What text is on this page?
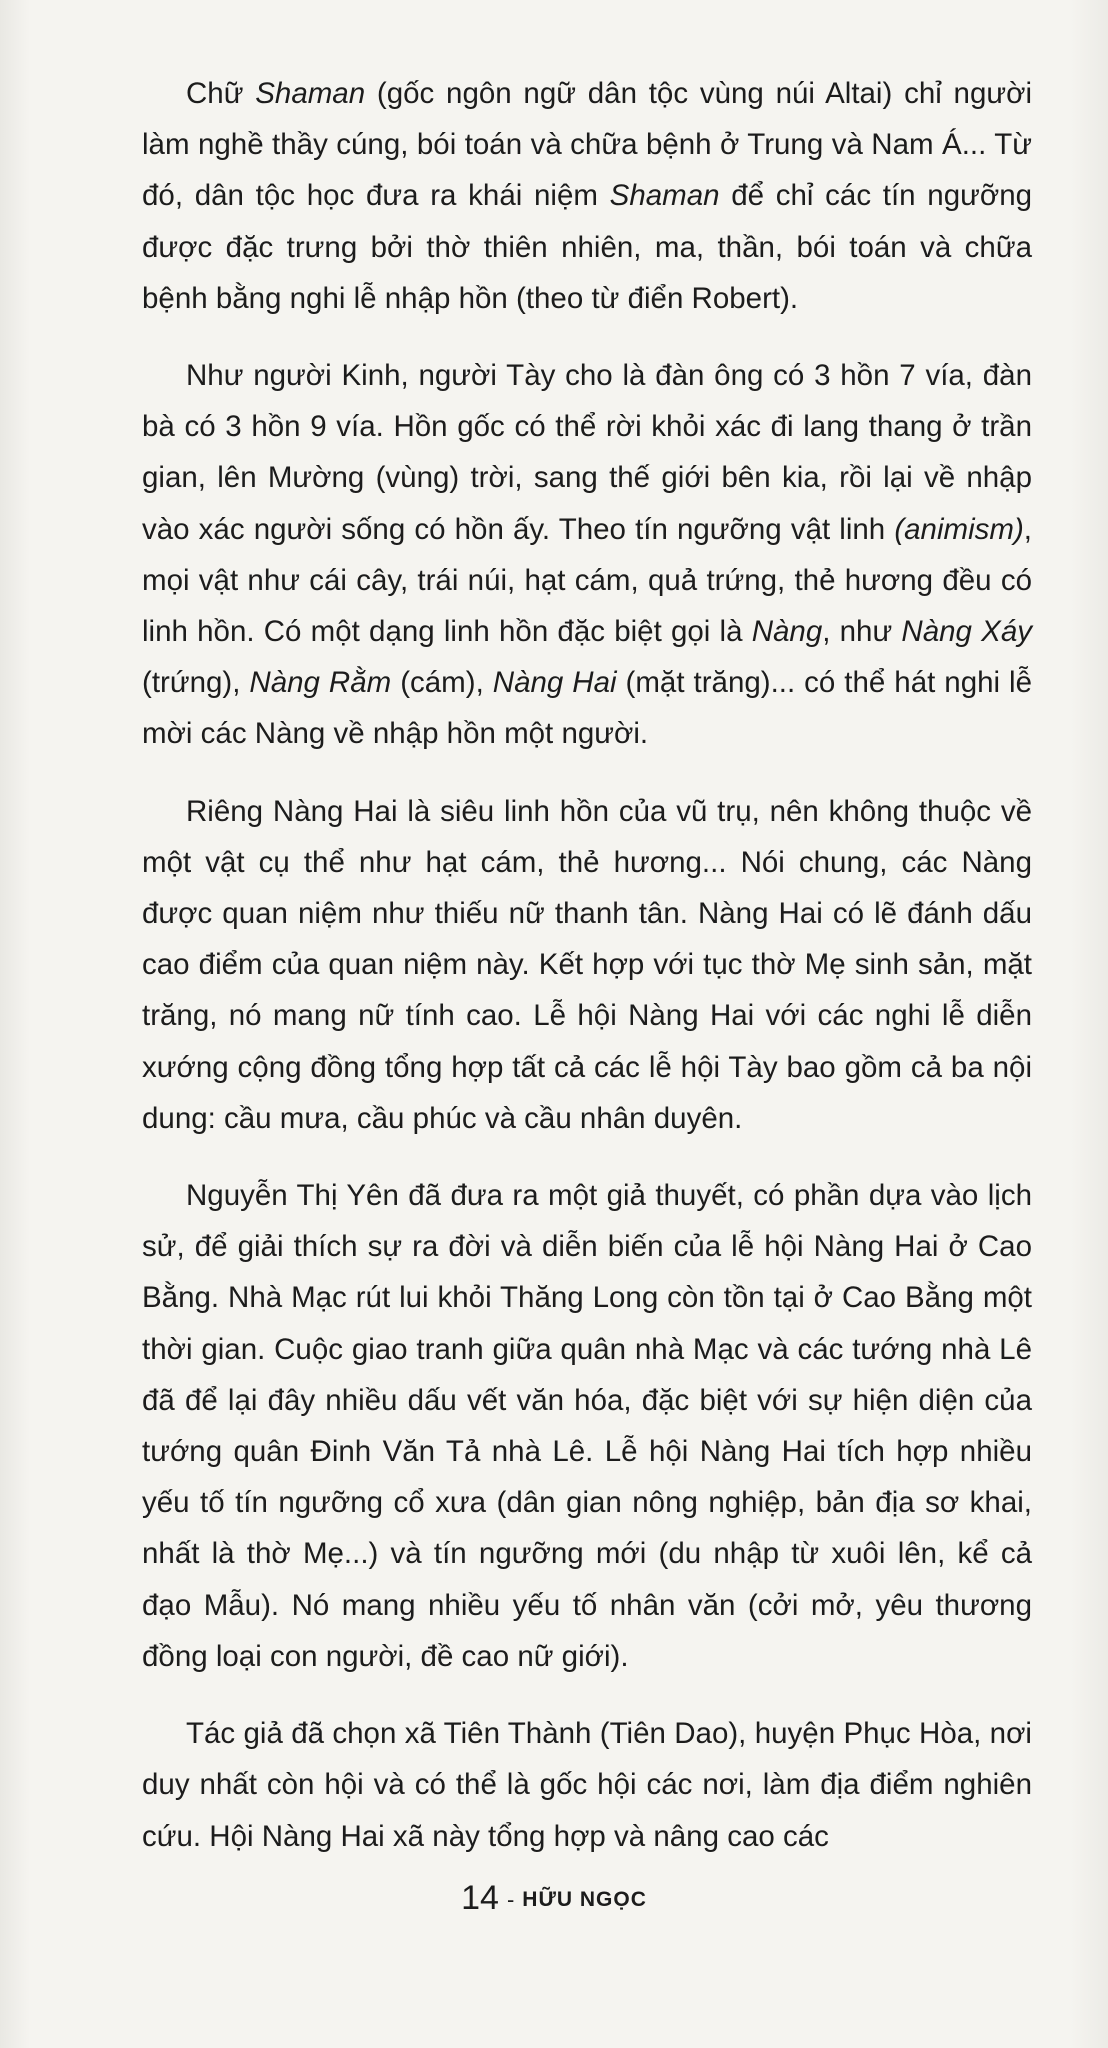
Chữ Shaman (gốc ngôn ngữ dân tộc vùng núi Altai) chỉ người làm nghề thầy cúng, bói toán và chữa bệnh ở Trung và Nam Á... Từ đó, dân tộc học đưa ra khái niệm Shaman để chỉ các tín ngưỡng được đặc trưng bởi thờ thiên nhiên, ma, thần, bói toán và chữa bệnh bằng nghi lễ nhập hồn (theo từ điển Robert).

Như người Kinh, người Tày cho là đàn ông có 3 hồn 7 vía, đàn bà có 3 hồn 9 vía. Hồn gốc có thể rời khỏi xác đi lang thang ở trần gian, lên Mường (vùng) trời, sang thế giới bên kia, rồi lại về nhập vào xác người sống có hồn ấy. Theo tín ngưỡng vật linh (animism), mọi vật như cái cây, trái núi, hạt cám, quả trứng, thẻ hương đều có linh hồn. Có một dạng linh hồn đặc biệt gọi là Nàng, như Nàng Xáy (trứng), Nàng Rằm (cám), Nàng Hai (mặt trăng)... có thể hát nghi lễ mời các Nàng về nhập hồn một người.

Riêng Nàng Hai là siêu linh hồn của vũ trụ, nên không thuộc về một vật cụ thể như hạt cám, thẻ hương... Nói chung, các Nàng được quan niệm như thiếu nữ thanh tân. Nàng Hai có lẽ đánh dấu cao điểm của quan niệm này. Kết hợp với tục thờ Mẹ sinh sản, mặt trăng, nó mang nữ tính cao. Lễ hội Nàng Hai với các nghi lễ diễn xướng cộng đồng tổng hợp tất cả các lễ hội Tày bao gồm cả ba nội dung: cầu mưa, cầu phúc và cầu nhân duyên.

Nguyễn Thị Yên đã đưa ra một giả thuyết, có phần dựa vào lịch sử, để giải thích sự ra đời và diễn biến của lễ hội Nàng Hai ở Cao Bằng. Nhà Mạc rút lui khỏi Thăng Long còn tồn tại ở Cao Bằng một thời gian. Cuộc giao tranh giữa quân nhà Mạc và các tướng nhà Lê đã để lại đây nhiều dấu vết văn hóa, đặc biệt với sự hiện diện của tướng quân Đinh Văn Tả nhà Lê. Lễ hội Nàng Hai tích hợp nhiều yếu tố tín ngưỡng cổ xưa (dân gian nông nghiệp, bản địa sơ khai, nhất là thờ Mẹ...) và tín ngưỡng mới (du nhập từ xuôi lên, kể cả đạo Mẫu). Nó mang nhiều yếu tố nhân văn (cởi mở, yêu thương đồng loại con người, đề cao nữ giới).

Tác giả đã chọn xã Tiên Thành (Tiên Dao), huyện Phục Hòa, nơi duy nhất còn hội và có thể là gốc hội các nơi, làm địa điểm nghiên cứu. Hội Nàng Hai xã này tổng hợp và nâng cao các

14 - HỮU NGỌC
